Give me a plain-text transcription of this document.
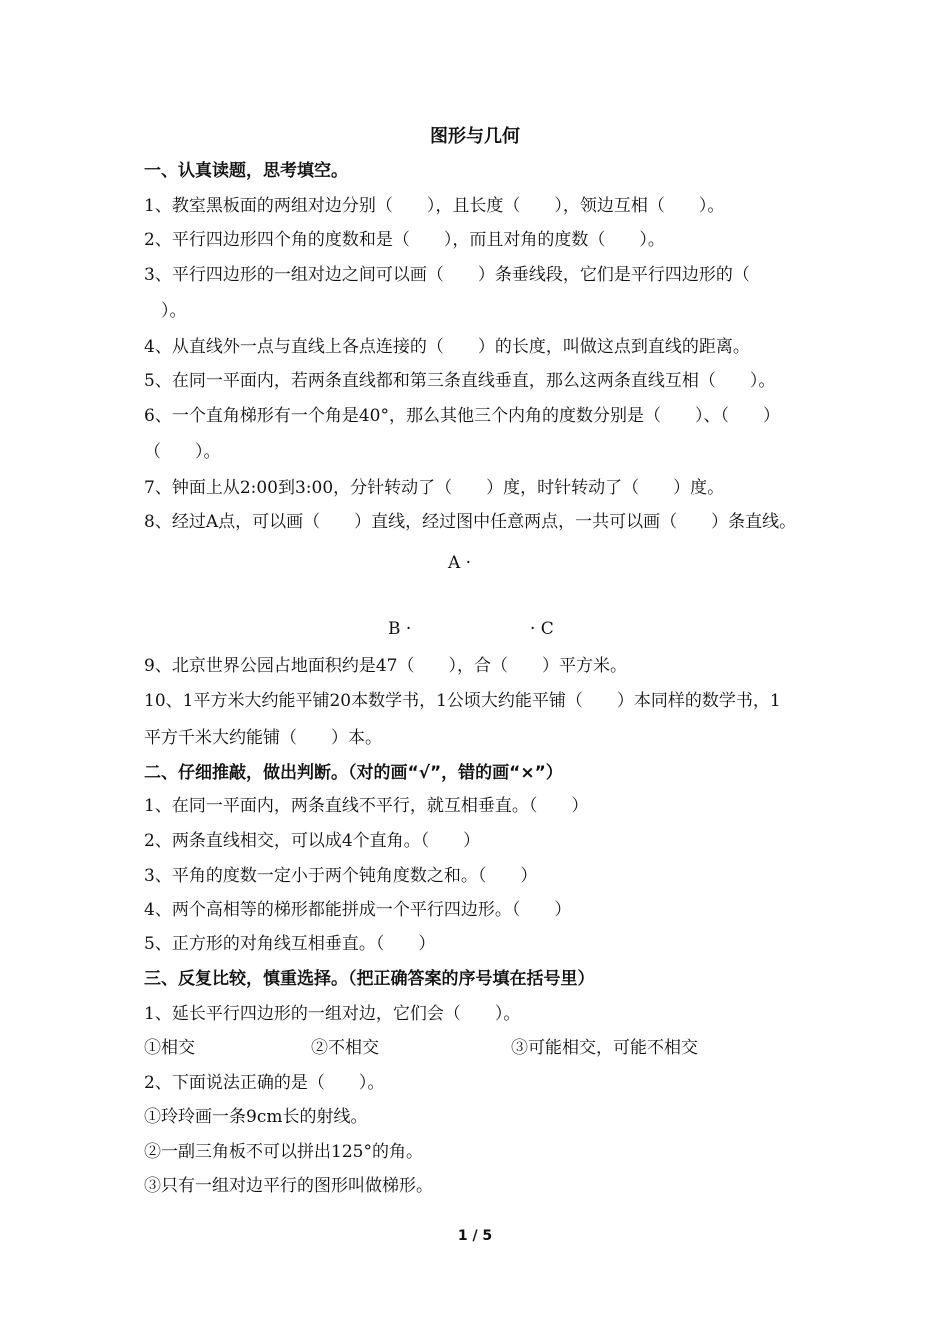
图形与几何
一、认真读题，思考填空。
1、教室黑板面的两组对边分别（　　），且长度（　　），领边互相（　　）。
2、平行四边形四个角的度数和是（　　），而且对角的度数（　　）。
3、平行四边形的一组对边之间可以画（　　）条垂线段，它们是平行四边形的（
　）。
4、从直线外一点与直线上各点连接的（　　）的长度，叫做这点到直线的距离。
5、在同一平面内，若两条直线都和第三条直线垂直，那么这两条直线互相（　　）。
6、一个直角梯形有一个角是40°，那么其他三个内角的度数分别是（　　）、（　　）
（　　）。
7、钟面上从2:00到3:00，分针转动了（　　）度，时针转动了（　　）度。
8、经过A点，可以画（　　）直线，经过图中任意两点，一共可以画（　　）条直线。
A ·
B ·	· C
9、北京世界公园占地面积约是47（　　），合（　　）平方米。
10、1平方米大约能平铺20本数学书，1公顷大约能平铺（　　）本同样的数学书，1
平方千米大约能铺（　　）本。
二、仔细推敲，做出判断。（对的画“√”，错的画“×”）
1、在同一平面内，两条直线不平行，就互相垂直。（　　）
2、两条直线相交，可以成4个直角。（　　）
3、平角的度数一定小于两个钝角度数之和。（　　）
4、两个高相等的梯形都能拼成一个平行四边形。（　　）
5、正方形的对角线互相垂直。（　　）
三、反复比较，慎重选择。（把正确答案的序号填在括号里）
1、延长平行四边形的一组对边，它们会（　　）。
①相交	②不相交	③可能相交，可能不相交
2、下面说法正确的是（　　）。
①玲玲画一条9cm长的射线。
②一副三角板不可以拼出125°的角。
③只有一组对边平行的图形叫做梯形。
1 / 5
